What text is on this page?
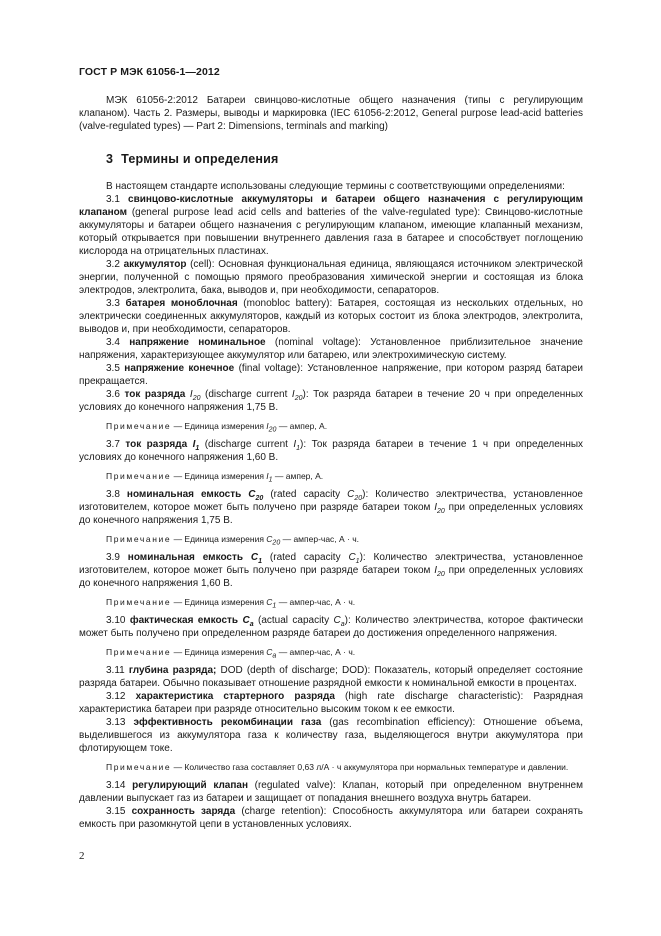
ГОСТ Р МЭК 61056-1—2012

МЭК 61056-2:2012 Батареи свинцово-кислотные общего назначения (типы с регулирующим клапаном). Часть 2. Размеры, выводы и маркировка (IEC 61056-2:2012, General purpose lead-acid batteries (valve-regulated types) — Part 2: Dimensions, terminals and marking)

3 Термины и определения

В настоящем стандарте использованы следующие термины с соответствующими определениями:

3.1 свинцово-кислотные аккумуляторы и батареи общего назначения с регулирующим клапаном (general purpose lead acid cells and batteries of the valve-regulated type): Свинцово-кислотные аккумуляторы и батареи общего назначения с регулирующим клапаном, имеющие клапанный механизм, который открывается при повышении внутреннего давления газа в батарее и способствует поглощению кислорода на отрицательных пластинах.

3.2 аккумулятор (cell): Основная функциональная единица, являющаяся источником электрической энергии, полученной с помощью прямого преобразования химической энергии и состоящая из блока электродов, электролита, бака, выводов и, при необходимости, сепараторов.

3.3 батарея моноблочная (monobloc battery): Батарея, состоящая из нескольких отдельных, но электрически соединенных аккумуляторов, каждый из которых состоит из блока электродов, электролита, выводов и, при необходимости, сепараторов.

3.4 напряжение номинальное (nominal voltage): Установленное приблизительное значение напряжения, характеризующее аккумулятор или батарею, или электрохимическую систему.

3.5 напряжение конечное (final voltage): Установленное напряжение, при котором разряд батареи прекращается.

3.6 ток разряда $I_{20}$ (discharge current $I_{20}$): Ток разряда батареи в течение 20 ч при определенных условиях до конечного напряжения 1,75 В.

Примечание — Единица измерения $I_{20}$ — ампер, А.

3.7 ток разряда $I_1$ (discharge current $I_1$): Ток разряда батареи в течение 1 ч при определенных условиях до конечного напряжения 1,60 В.

Примечание — Единица измерения $I_1$ — ампер, А.

3.8 номинальная емкость $C_{20}$ (rated capacity $C_{20}$): Количество электричества, установленное изготовителем, которое может быть получено при разряде батареи током $I_{20}$ при определенных условиях до конечного напряжения 1,75 В.

Примечание — Единица измерения $C_{20}$ — ампер-час, А · ч.

3.9 номинальная емкость $C_1$ (rated capacity $C_1$): Количество электричества, установленное изготовителем, которое может быть получено при разряде батареи током $I_{20}$ при определенных условиях до конечного напряжения 1,60 В.

Примечание — Единица измерения $C_1$ — ампер-час, А · ч.

3.10 фактическая емкость $C_a$ (actual capacity $C_a$): Количество электричества, которое фактически может быть получено при определенном разряде батареи до достижения определенного напряжения.

Примечание — Единица измерения $C_a$ — ампер-час, А · ч.

3.11 глубина разряда; DOD (depth of discharge; DOD): Показатель, который определяет состояние разряда батареи. Обычно показывает отношение разрядной емкости к номинальной емкости в процентах.

3.12 характеристика стартерного разряда (high rate discharge characteristic): Разрядная характеристика батареи при разряде относительно высоким током к ее емкости.

3.13 эффективность рекомбинации газа (gas recombination efficiency): Отношение объема, выделившегося из аккумулятора газа к количеству газа, выделяющегося внутри аккумулятора при флотирующем токе.

Примечание — Количество газа составляет 0,63 л/А · ч аккумулятора при нормальных температуре и давлении.

3.14 регулирующий клапан (regulated valve): Клапан, который при определенном внутреннем давлении выпускает газ из батареи и защищает от попадания внешнего воздуха внутрь батареи.

3.15 сохранность заряда (charge retention): Способность аккумулятора или батареи сохранять емкость при разомкнутой цепи в установленных условиях.

2
